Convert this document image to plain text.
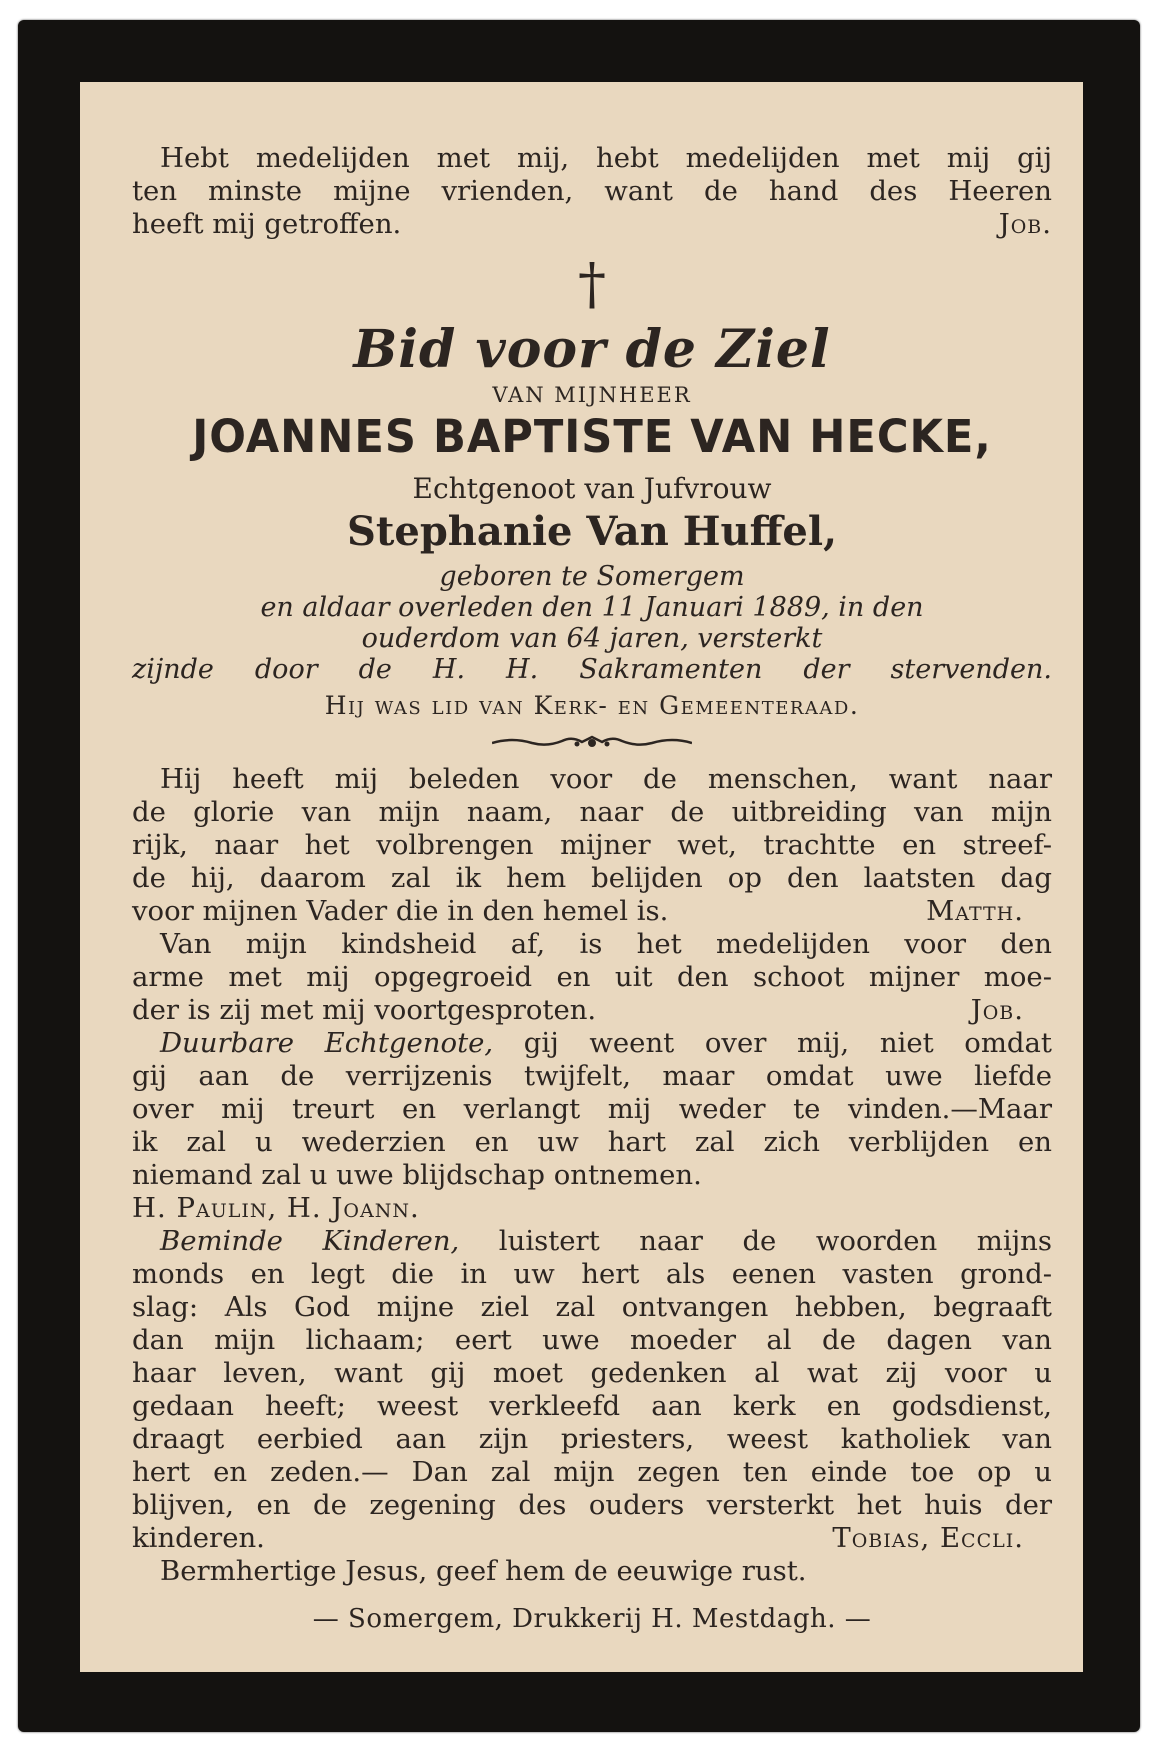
Hebt medelijden met mij, hebt medelijden met mij gij
ten minste mijne vrienden, want de hand des Heeren
heeft mij getroffen.	Job.
†
Bid voor de Ziel
VAN MIJNHEER
JOANNES BAPTISTE VAN HECKE,
Echtgenoot van Jufvrouw
Stephanie Van Huffel,
geboren te Somergem
en aldaar overleden den 11 Januari 1889, in den
ouderdom van 64 jaren, versterkt
zijnde door de H. H. Sakramenten der stervenden.
Hij was lid van Kerk- en Gemeenteraad.
Hij heeft mij beleden voor de menschen, want naar
de glorie van mijn naam, naar de uitbreiding van mijn
rijk, naar het volbrengen mijner wet, trachtte en streef-
de hij, daarom zal ik hem belijden op den laatsten dag
voor mijnen Vader die in den hemel is.	Matth.
Van mijn kindsheid af, is het medelijden voor den
arme met mij opgegroeid en uit den schoot mijner moe-
der is zij met mij voortgesproten.	Job.
Duurbare Echtgenote, gij weent over mij, niet omdat
gij aan de verrijzenis twijfelt, maar omdat uwe liefde
over mij treurt en verlangt mij weder te vinden.—Maar
ik zal u wederzien en uw hart zal zich verblijden en
niemand zal u uwe blijdschap ontnemen.
H. Paulin, H. Joann.
Beminde Kinderen, luistert naar de woorden mijns
monds en legt die in uw hert als eenen vasten grond-
slag: Als God mijne ziel zal ontvangen hebben, begraaft
dan mijn lichaam; eert uwe moeder al de dagen van
haar leven, want gij moet gedenken al wat zij voor u
gedaan heeft; weest verkleefd aan kerk en godsdienst,
draagt eerbied aan zijn priesters, weest katholiek van
hert en zeden.— Dan zal mijn zegen ten einde toe op u
blijven, en de zegening des ouders versterkt het huis der
kinderen.	Tobias, Eccli.
Bermhertige Jesus, geef hem de eeuwige rust.
— Somergem, Drukkerij H. Mestdagh. —
